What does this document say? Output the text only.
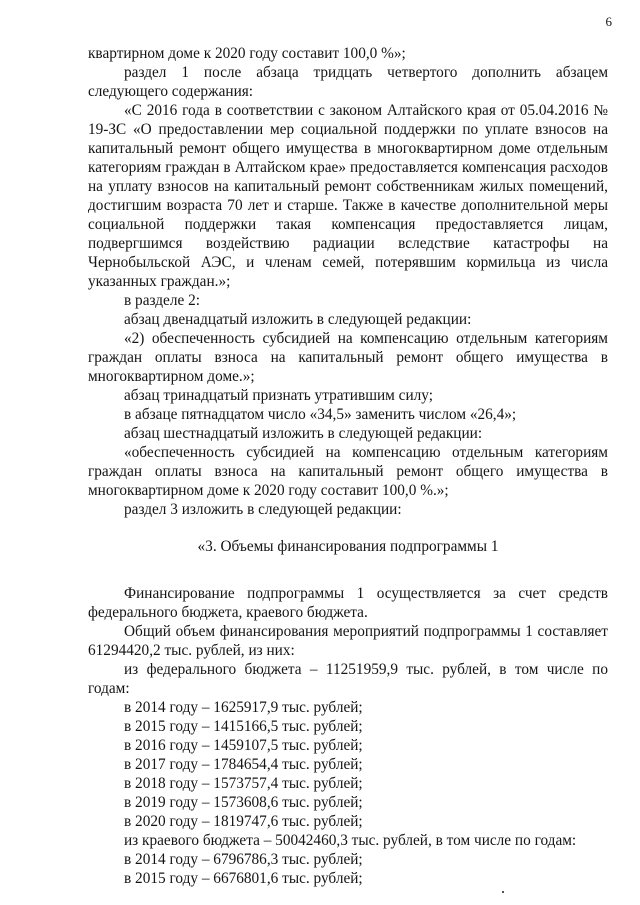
6

квартирном доме к 2020 году составит 100,0 %»;

раздел 1 после абзаца тридцать четвертого дополнить абзацем следующего содержания:

«С 2016 года в соответствии с законом Алтайского края от 05.04.2016 № 19-ЗС «О предоставлении мер социальной поддержки по уплате взносов на капитальный ремонт общего имущества в многоквартирном доме отдельным категориям граждан в Алтайском крае» предоставляется компенсация расходов на уплату взносов на капитальный ремонт собственникам жилых помещений, достигшим возраста 70 лет и старше. Также в качестве дополнительной меры социальной поддержки такая компенсация предоставляется лицам, подвергшимся воздействию радиации вследствие катастрофы на Чернобыльской АЭС, и членам семей, потерявшим кормильца из числа указанных граждан.»;

в разделе 2:

абзац двенадцатый изложить в следующей редакции:

«2) обеспеченность субсидией на компенсацию отдельным категориям граждан оплаты взноса на капитальный ремонт общего имущества в многоквартирном доме.»;

абзац тринадцатый признать утратившим силу;

в абзаце пятнадцатом число «34,5» заменить числом «26,4»;

абзац шестнадцатый изложить в следующей редакции:

«обеспеченность субсидией на компенсацию отдельным категориям граждан оплаты взноса на капитальный ремонт общего имущества в многоквартирном доме к 2020 году составит 100,0 %.»;

раздел 3 изложить в следующей редакции:

«3. Объемы финансирования подпрограммы 1

Финансирование подпрограммы 1 осуществляется за счет средств федерального бюджета, краевого бюджета.

Общий объем финансирования мероприятий подпрограммы 1 составляет 61294420,2 тыс. рублей, из них:

из федерального бюджета – 11251959,9 тыс. рублей, в том числе по годам:

в 2014 году – 1625917,9 тыс. рублей;

в 2015 году – 1415166,5 тыс. рублей;

в 2016 году – 1459107,5 тыс. рублей;

в 2017 году – 1784654,4 тыс. рублей;

в 2018 году – 1573757,4 тыс. рублей;

в 2019 году – 1573608,6 тыс. рублей;

в 2020 году – 1819747,6 тыс. рублей;

из краевого бюджета – 50042460,3 тыс. рублей, в том числе по годам:

в 2014 году – 6796786,3 тыс. рублей;

в 2015 году – 6676801,6 тыс. рублей;
